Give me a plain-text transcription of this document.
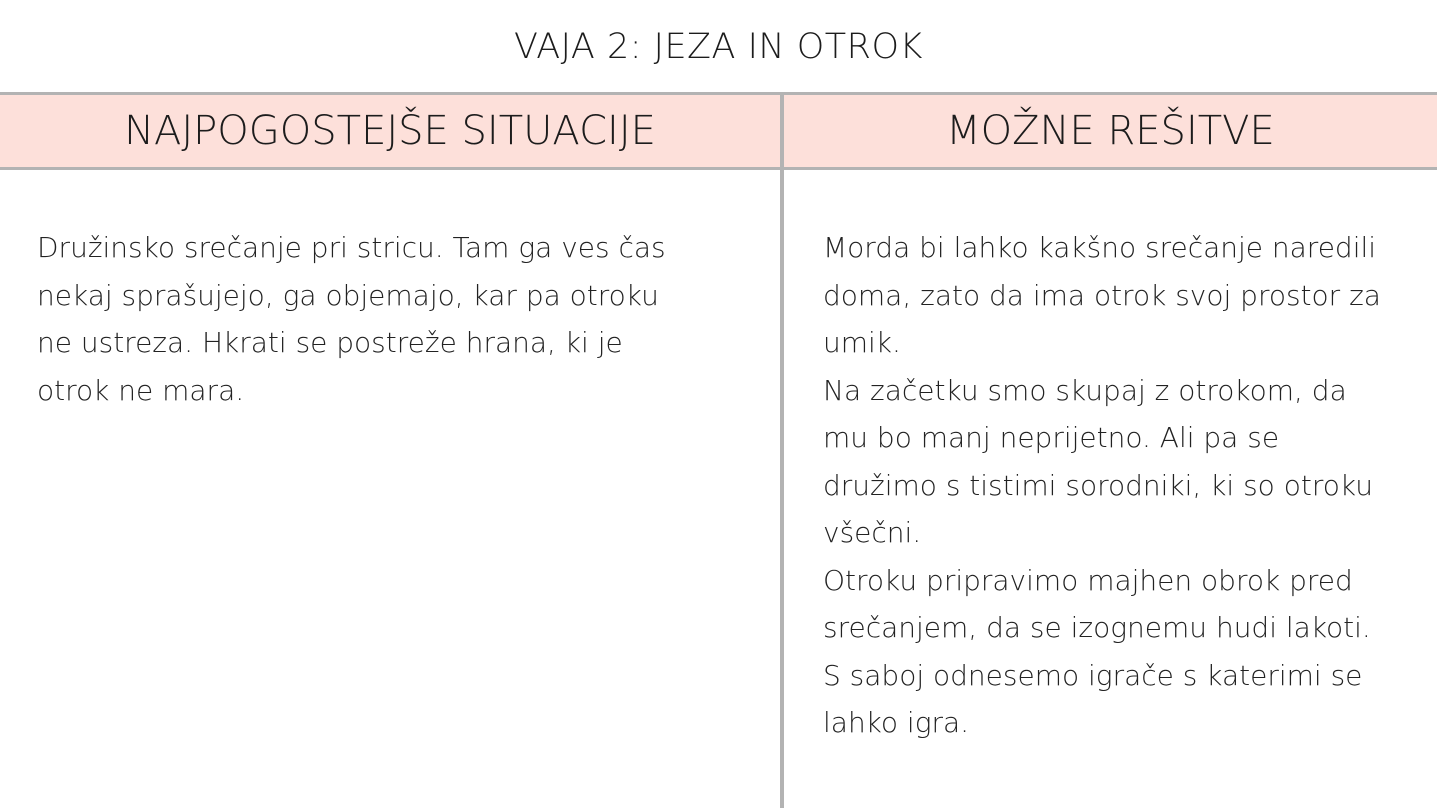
VAJA 2: JEZA IN OTROK
NAJPOGOSTEJŠE SITUACIJE	MOŽNE REŠITVE
Družinsko srečanje pri stricu. Tam ga ves čas
nekaj sprašujejo, ga objemajo, kar pa otroku
ne ustreza. Hkrati se postreže hrana, ki je
otrok ne mara.
Morda bi lahko kakšno srečanje naredili
doma, zato da ima otrok svoj prostor za
umik.
Na začetku smo skupaj z otrokom, da
mu bo manj neprijetno. Ali pa se
družimo s tistimi sorodniki, ki so otroku
všečni.
Otroku pripravimo majhen obrok pred
srečanjem, da se izognemu hudi lakoti.
S saboj odnesemo igrače s katerimi se
lahko igra.
